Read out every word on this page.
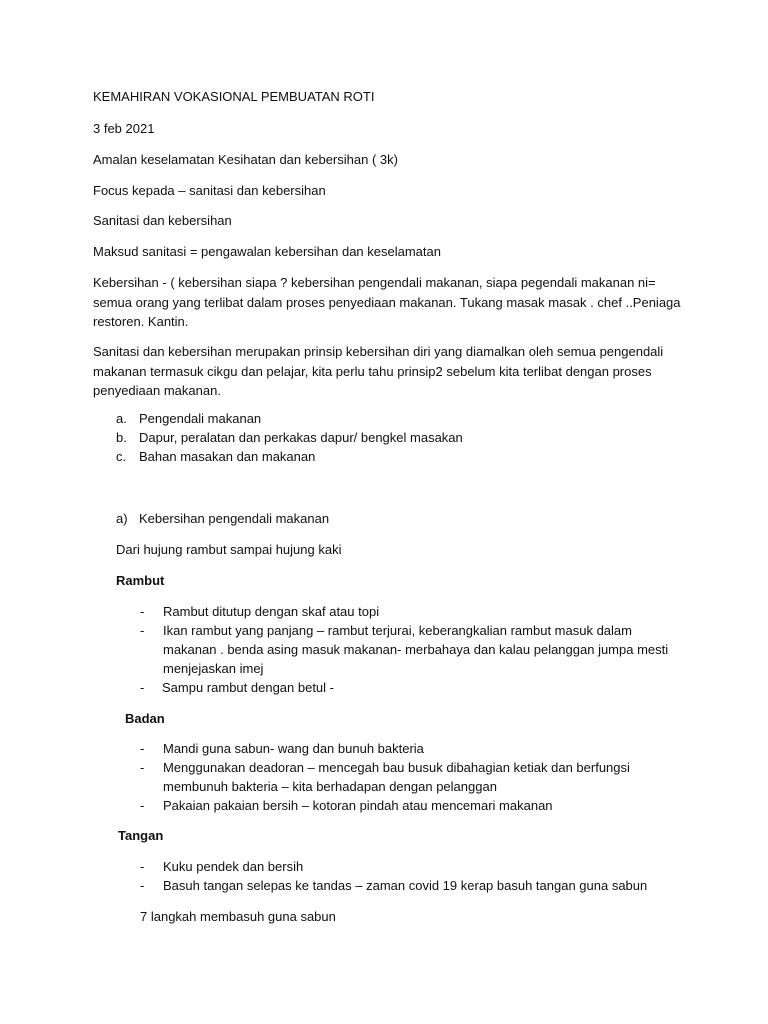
KEMAHIRAN VOKASIONAL PEMBUATAN ROTI
3 feb 2021
Amalan keselamatan Kesihatan dan kebersihan ( 3k)
Focus kepada – sanitasi dan kebersihan
Sanitasi dan kebersihan
Maksud sanitasi = pengawalan kebersihan dan keselamatan
Kebersihan - ( kebersihan siapa ? kebersihan pengendali makanan, siapa pegendali makanan ni=
semua orang yang terlibat dalam proses penyediaan makanan. Tukang masak masak . chef ..Peniaga
restoren. Kantin.
Sanitasi dan kebersihan merupakan prinsip kebersihan diri yang diamalkan oleh semua pengendali
makanan termasuk cikgu dan pelajar, kita perlu tahu prinsip2 sebelum kita terlibat dengan proses
penyediaan makanan.
a. Pengendali makanan
b. Dapur, peralatan dan perkakas dapur/ bengkel masakan
c. Bahan masakan dan makanan
a) Kebersihan pengendali makanan
Dari hujung rambut sampai hujung kaki
Rambut
- Rambut ditutup dengan skaf atau topi
- Ikan rambut yang panjang – rambut terjurai, keberangkalian rambut masuk dalam
makanan . benda asing masuk makanan- merbahaya dan kalau pelanggan jumpa mesti
menjejaskan imej
- Sampu rambut dengan betul -
Badan
- Mandi guna sabun- wang dan bunuh bakteria
- Menggunakan deadoran – mencegah bau busuk dibahagian ketiak dan berfungsi
membunuh bakteria – kita berhadapan dengan pelanggan
- Pakaian pakaian bersih – kotoran pindah atau mencemari makanan
Tangan
- Kuku pendek dan bersih
- Basuh tangan selepas ke tandas – zaman covid 19 kerap basuh tangan guna sabun
7 langkah membasuh guna sabun
